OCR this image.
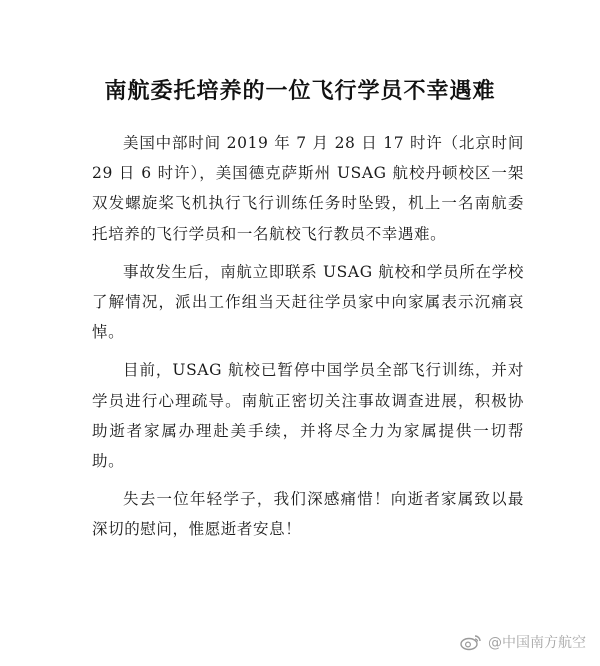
南航委托培养的一位飞行学员不幸遇难

美国中部时间 2019 年 7 月 28 日 17 时许（北京时间 29 日 6 时许），美国德克萨斯州 USAG 航校丹顿校区一架双发螺旋桨飞机执行飞行训练任务时坠毁，机上一名南航委托培养的飞行学员和一名航校飞行教员不幸遇难。

事故发生后，南航立即联系 USAG 航校和学员所在学校了解情况，派出工作组当天赶往学员家中向家属表示沉痛哀悼。

目前，USAG 航校已暂停中国学员全部飞行训练，并对学员进行心理疏导。南航正密切关注事故调查进展，积极协助逝者家属办理赴美手续，并将尽全力为家属提供一切帮助。

失去一位年轻学子，我们深感痛惜！向逝者家属致以最深切的慰问，惟愿逝者安息！

@中国南方航空
